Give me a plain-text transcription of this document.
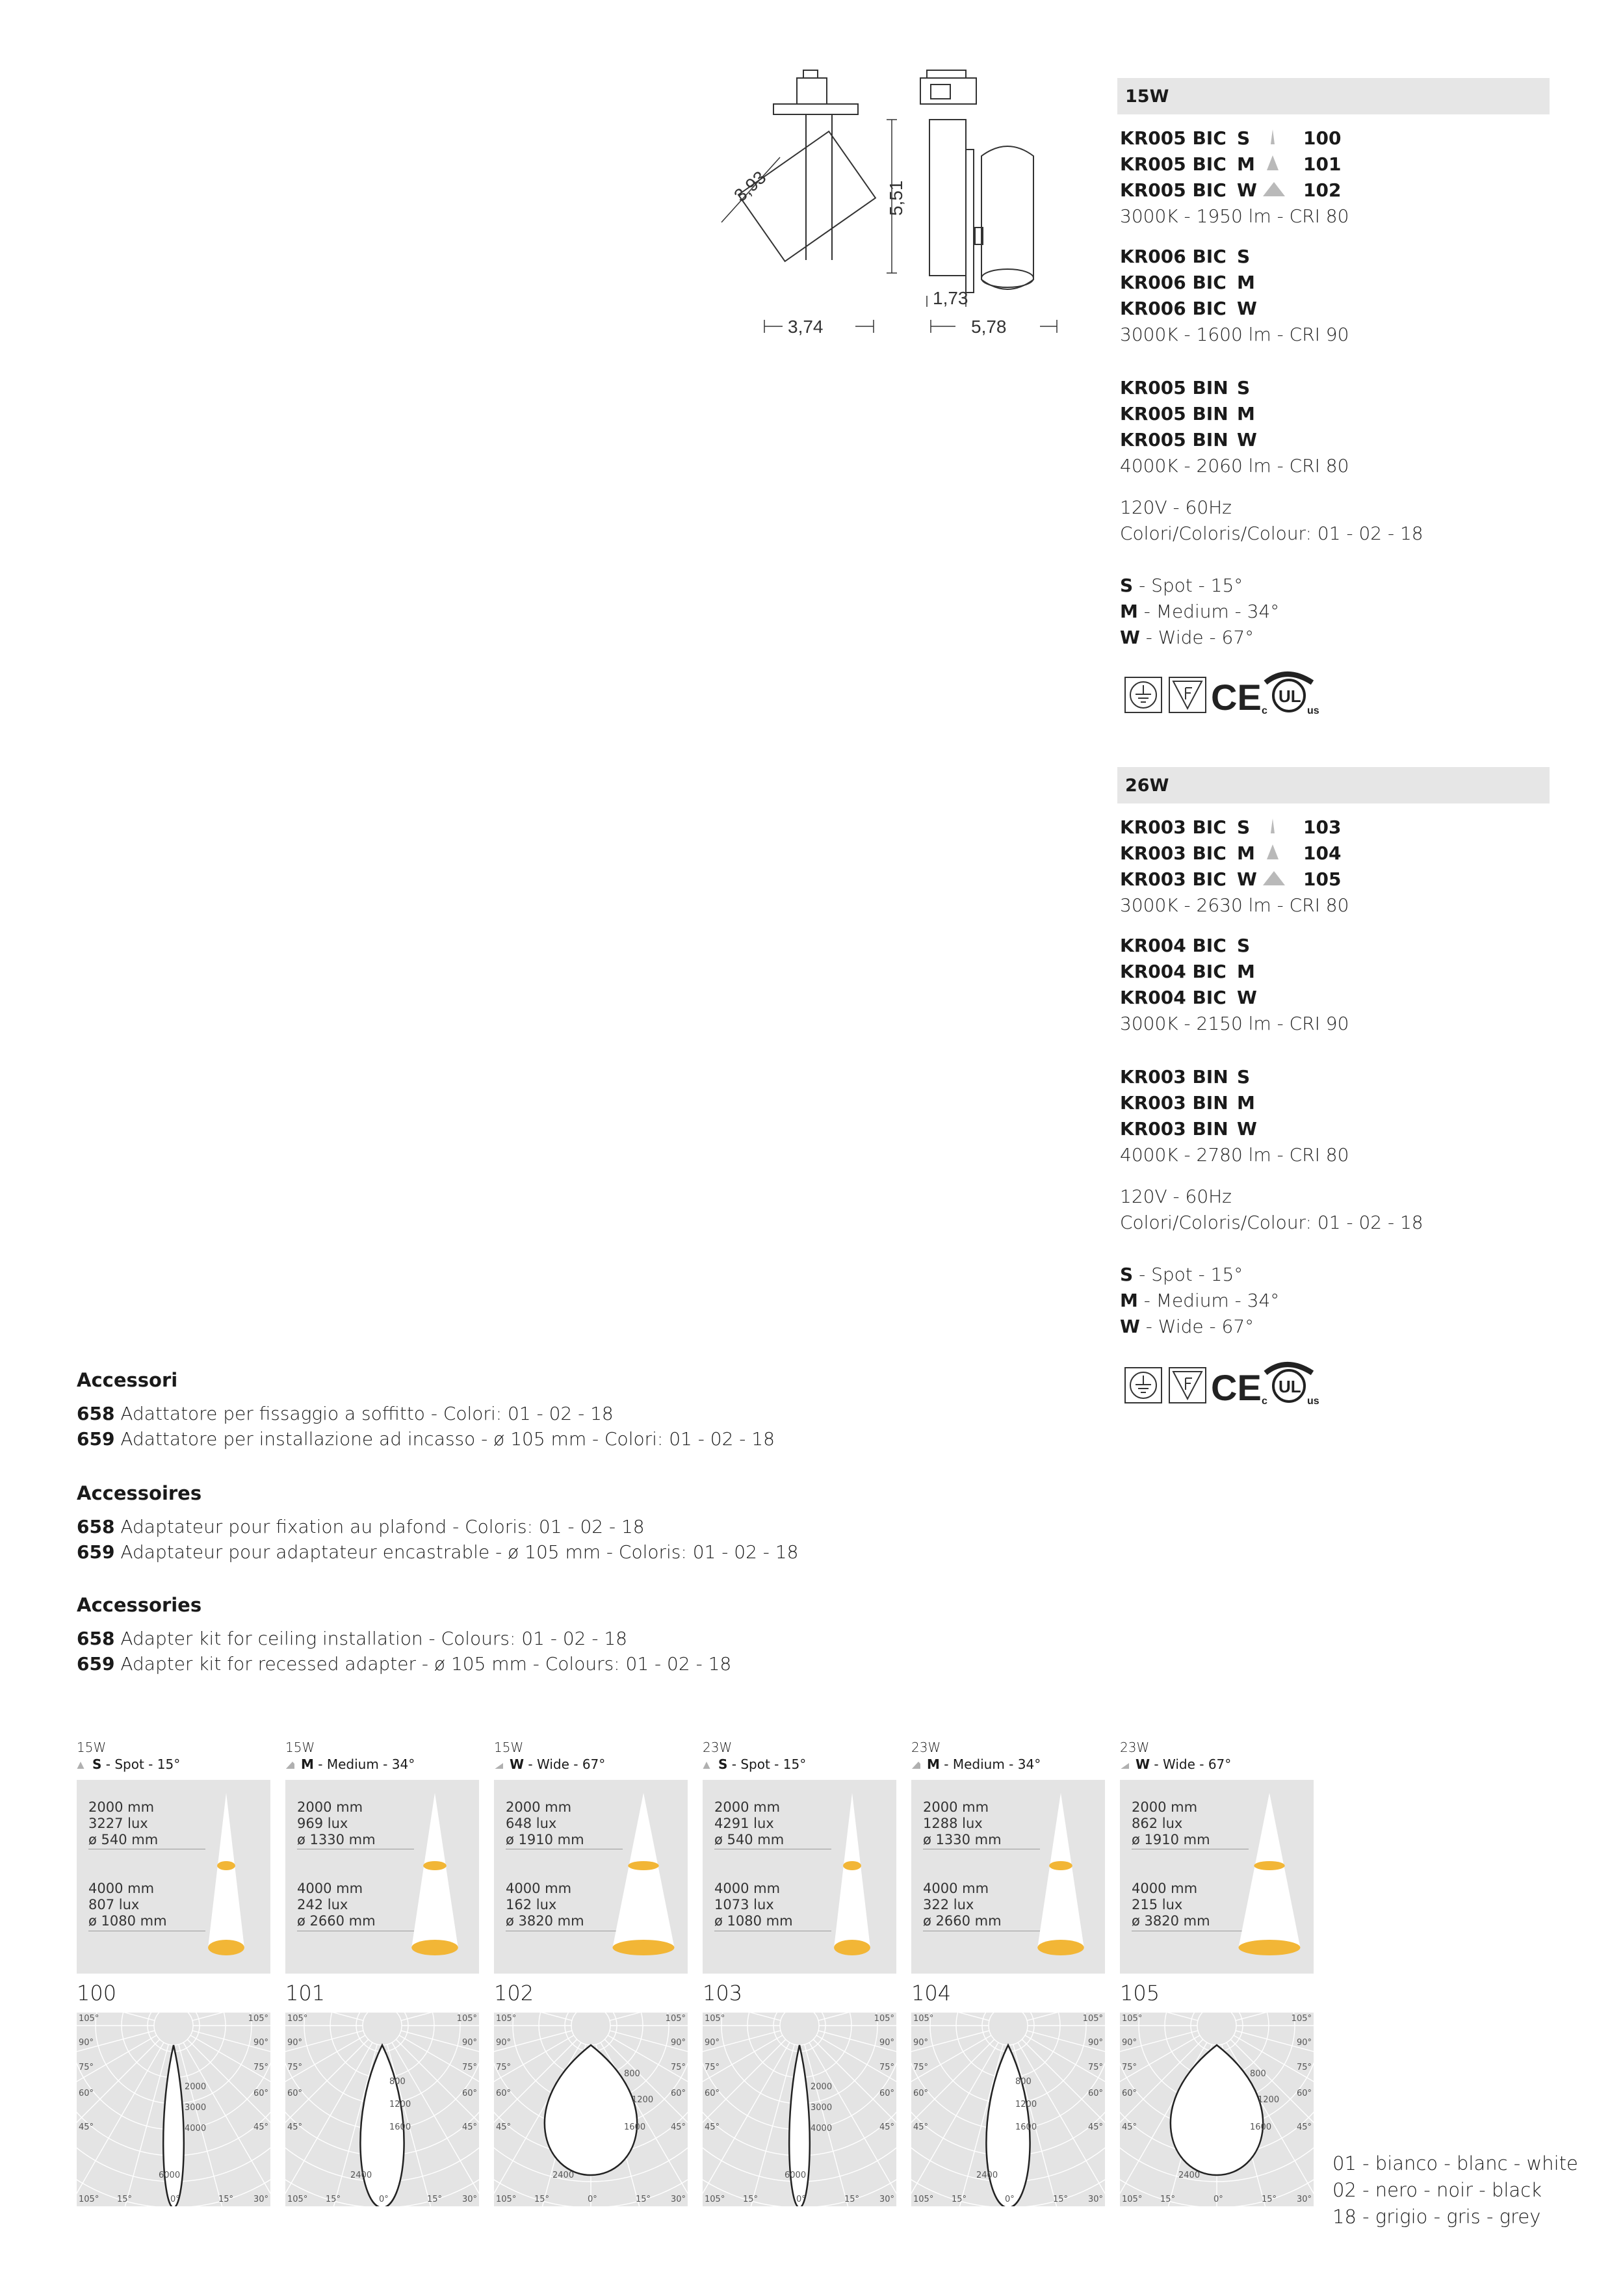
3,93	5,51
1,73
3,74	5,78
15W
KR005 BIC S	100
KR005 BIC M	101
KR005 BIC W	102
3000K - 1950 lm - CRI 80
KR006 BIC S
KR006 BIC M
KR006 BIC W
3000K - 1600 lm - CRI 90
KR005 BIN S
KR005 BIN M
KR005 BIN W
4000K - 2060 lm - CRI 80
120V - 60Hz
Colori/Coloris/Colour: 01 - 02 - 18
S - Spot - 15°
M - Medium - 34°
W - Wide - 67°
CE UL
c	us
26W
KR003 BIC S	103
KR003 BIC M	104
KR003 BIC W	105
3000K - 2630 lm - CRI 80
KR004 BIC S
KR004 BIC M
KR004 BIC W
3000K - 2150 lm - CRI 90
KR003 BIN S
KR003 BIN M
KR003 BIN W
4000K - 2780 lm - CRI 80
120V - 60Hz
Colori/Coloris/Colour: 01 - 02 - 18
S - Spot - 15°
M - Medium - 34°
W - Wide - 67°
CE UL
c	us
Accessori
658 Adattatore per fissaggio a soffitto - Colori: 01 - 02 - 18
659 Adattatore per installazione ad incasso - ø 105 mm - Colori: 01 - 02 - 18
Accessoires
658 Adaptateur pour fixation au plafond - Coloris: 01 - 02 - 18
659 Adaptateur pour adaptateur encastrable - ø 105 mm - Coloris: 01 - 02 - 18
Accessories
658 Adapter kit for ceiling installation - Colours: 01 - 02 - 18
659 Adapter kit for recessed adapter - ø 105 mm - Colours: 01 - 02 - 18
15W
S - Spot - 15°
2000 mm
3227 lux
ø 540 mm
4000 mm
807 lux
ø 1080 mm
100
105°	105°
90°	90°
75°	75°
60°	60°
45°	45°
105° 15°	0°	15° 30°
2000
3000
4000
6000
15W
M - Medium - 34°
2000 mm
969 lux
ø 1330 mm
4000 mm
242 lux
ø 2660 mm
101
105°	105°
90°	90°
75°	75°
60°	60°
45°	45°
105° 15°	0°	15° 30°
800
1200
1600
2400
15W
W - Wide - 67°
2000 mm
648 lux
ø 1910 mm
4000 mm
162 lux
ø 3820 mm
102
105°	105°
90°	90°
75°	75°
60°	60°
45°	45°
105° 15°	0°	15° 30°
800
1200
1600
2400
23W
S - Spot - 15°
2000 mm
4291 lux
ø 540 mm
4000 mm
1073 lux
ø 1080 mm
103
105°	105°
90°	90°
75°	75°
60°	60°
45°	45°
105° 15°	0°	15° 30°
2000
3000
4000
6000
23W
M - Medium - 34°
2000 mm
1288 lux
ø 1330 mm
4000 mm
322 lux
ø 2660 mm
104
105°	105°
90°	90°
75°	75°
60°	60°
45°	45°
105° 15°	0°	15° 30°
800
1200
1600
2400
23W
W - Wide - 67°
2000 mm
862 lux
ø 1910 mm
4000 mm
215 lux
ø 3820 mm
105
105°	105°
90°	90°
75°	75°
60°	60°
45°	45°
105° 15°	0°	15° 30°
800
1200
1600
2400
01 - bianco - blanc - white
02 - nero - noir - black
18 - grigio - gris - grey
